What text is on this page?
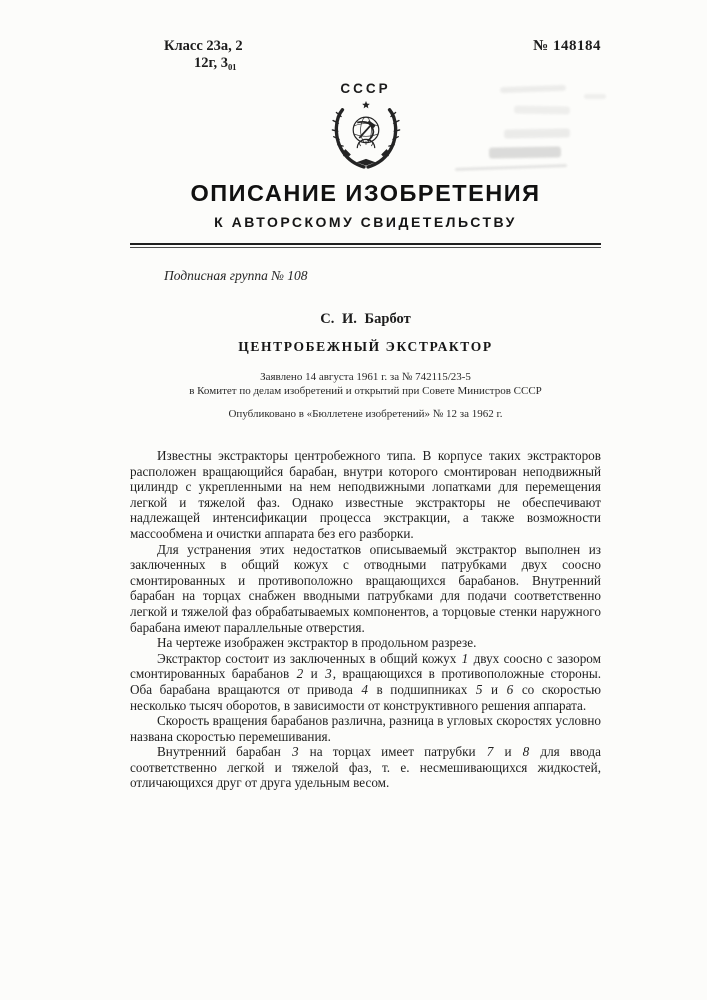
Класс 23а, 2
12г, 3₀₁
№ 148184
СССР
ОПИСАНИЕ ИЗОБРЕТЕНИЯ
К АВТОРСКОМУ СВИДЕТЕЛЬСТВУ
Подписная группа № 108
С. И. Барбот
ЦЕНТРОБЕЖНЫЙ ЭКСТРАКТОР
Заявлено 14 августа 1961 г. за № 742115/23-5
в Комитет по делам изобретений и открытий при Совете Министров СССР
Опубликовано в «Бюллетене изобретений» № 12 за 1962 г.

Известны экстракторы центробежного типа. В корпусе таких экстракторов расположен вращающийся барабан, внутри которого смонтирован неподвижный цилиндр с укрепленными на нем неподвижными лопатками для перемещения легкой и тяжелой фаз. Однако известные экстракторы не обеспечивают надлежащей интенсификации процесса экстракции, а также возможности массообмена и очистки аппарата без его разборки.

Для устранения этих недостатков описываемый экстрактор выполнен из заключенных в общий кожух с отводными патрубками двух соосно смонтированных и противоположно вращающихся барабанов. Внутренний барабан на торцах снабжен вводными патрубками для подачи соответственно легкой и тяжелой фаз обрабатываемых компонентов, а торцовые стенки наружного барабана имеют параллельные отверстия.

На чертеже изображен экстрактор в продольном разрезе.

Экстрактор состоит из заключенных в общий кожух 1 двух соосно с зазором смонтированных барабанов 2 и 3, вращающихся в противоположные стороны. Оба барабана вращаются от привода 4 в подшипниках 5 и 6 со скоростью несколько тысяч оборотов, в зависимости от конструктивного решения аппарата.

Скорость вращения барабанов различна, разница в угловых скоростях условно названа скоростью перемешивания.

Внутренний барабан 3 на торцах имеет патрубки 7 и 8 для ввода соответственно легкой и тяжелой фаз, т. е. несмешивающихся жидкостей, отличающихся друг от друга удельным весом.
